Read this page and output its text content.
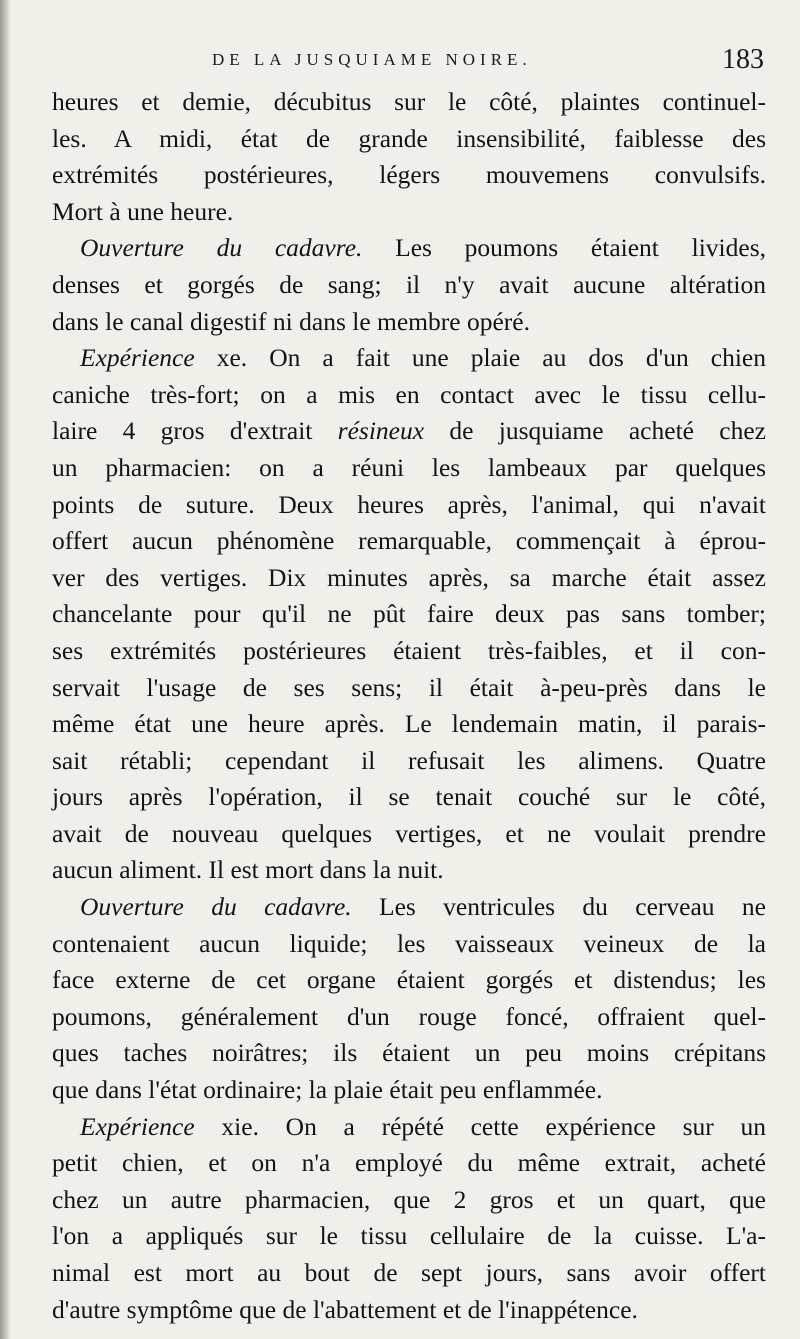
DE LA JUSQUIAME NOIRE.	183
heures et demie, décubitus sur le côté, plaintes continuel-
les. A midi, état de grande insensibilité, faiblesse des
extrémités postérieures, légers mouvemens convulsifs.
Mort à une heure.
Ouverture du cadavre. Les poumons étaient livides,
denses et gorgés de sang; il n'y avait aucune altération
dans le canal digestif ni dans le membre opéré.
Expérience xe. On a fait une plaie au dos d'un chien
caniche très-fort; on a mis en contact avec le tissu cellu-
laire 4 gros d'extrait résineux de jusquiame acheté chez
un pharmacien: on a réuni les lambeaux par quelques
points de suture. Deux heures après, l'animal, qui n'avait
offert aucun phénomène remarquable, commençait à éprou-
ver des vertiges. Dix minutes après, sa marche était assez
chancelante pour qu'il ne pût faire deux pas sans tomber;
ses extrémités postérieures étaient très-faibles, et il con-
servait l'usage de ses sens; il était à-peu-près dans le
même état une heure après. Le lendemain matin, il parais-
sait rétabli; cependant il refusait les alimens. Quatre
jours après l'opération, il se tenait couché sur le côté,
avait de nouveau quelques vertiges, et ne voulait prendre
aucun aliment. Il est mort dans la nuit.
Ouverture du cadavre. Les ventricules du cerveau ne
contenaient aucun liquide; les vaisseaux veineux de la
face externe de cet organe étaient gorgés et distendus; les
poumons, généralement d'un rouge foncé, offraient quel-
ques taches noirâtres; ils étaient un peu moins crépitans
que dans l'état ordinaire; la plaie était peu enflammée.
Expérience xie. On a répété cette expérience sur un
petit chien, et on n'a employé du même extrait, acheté
chez un autre pharmacien, que 2 gros et un quart, que
l'on a appliqués sur le tissu cellulaire de la cuisse. L'a-
nimal est mort au bout de sept jours, sans avoir offert
d'autre symptôme que de l'abattement et de l'inappétence.
